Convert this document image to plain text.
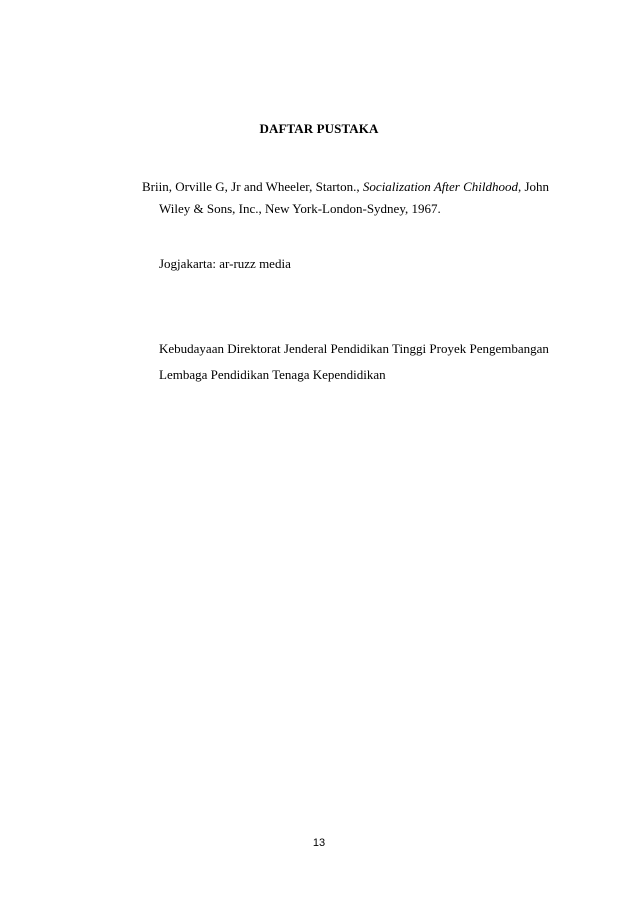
DAFTAR PUSTAKA
Briin, Orville G, Jr and Wheeler, Starton., Socialization After Childhood, John
Wiley & Sons, Inc., New York-London-Sydney, 1967.

Jogjakarta: ar-ruzz media

Kebudayaan Direktorat Jenderal Pendidikan Tinggi Proyek Pengembangan
Lembaga Pendidikan Tenaga Kependidikan
13
